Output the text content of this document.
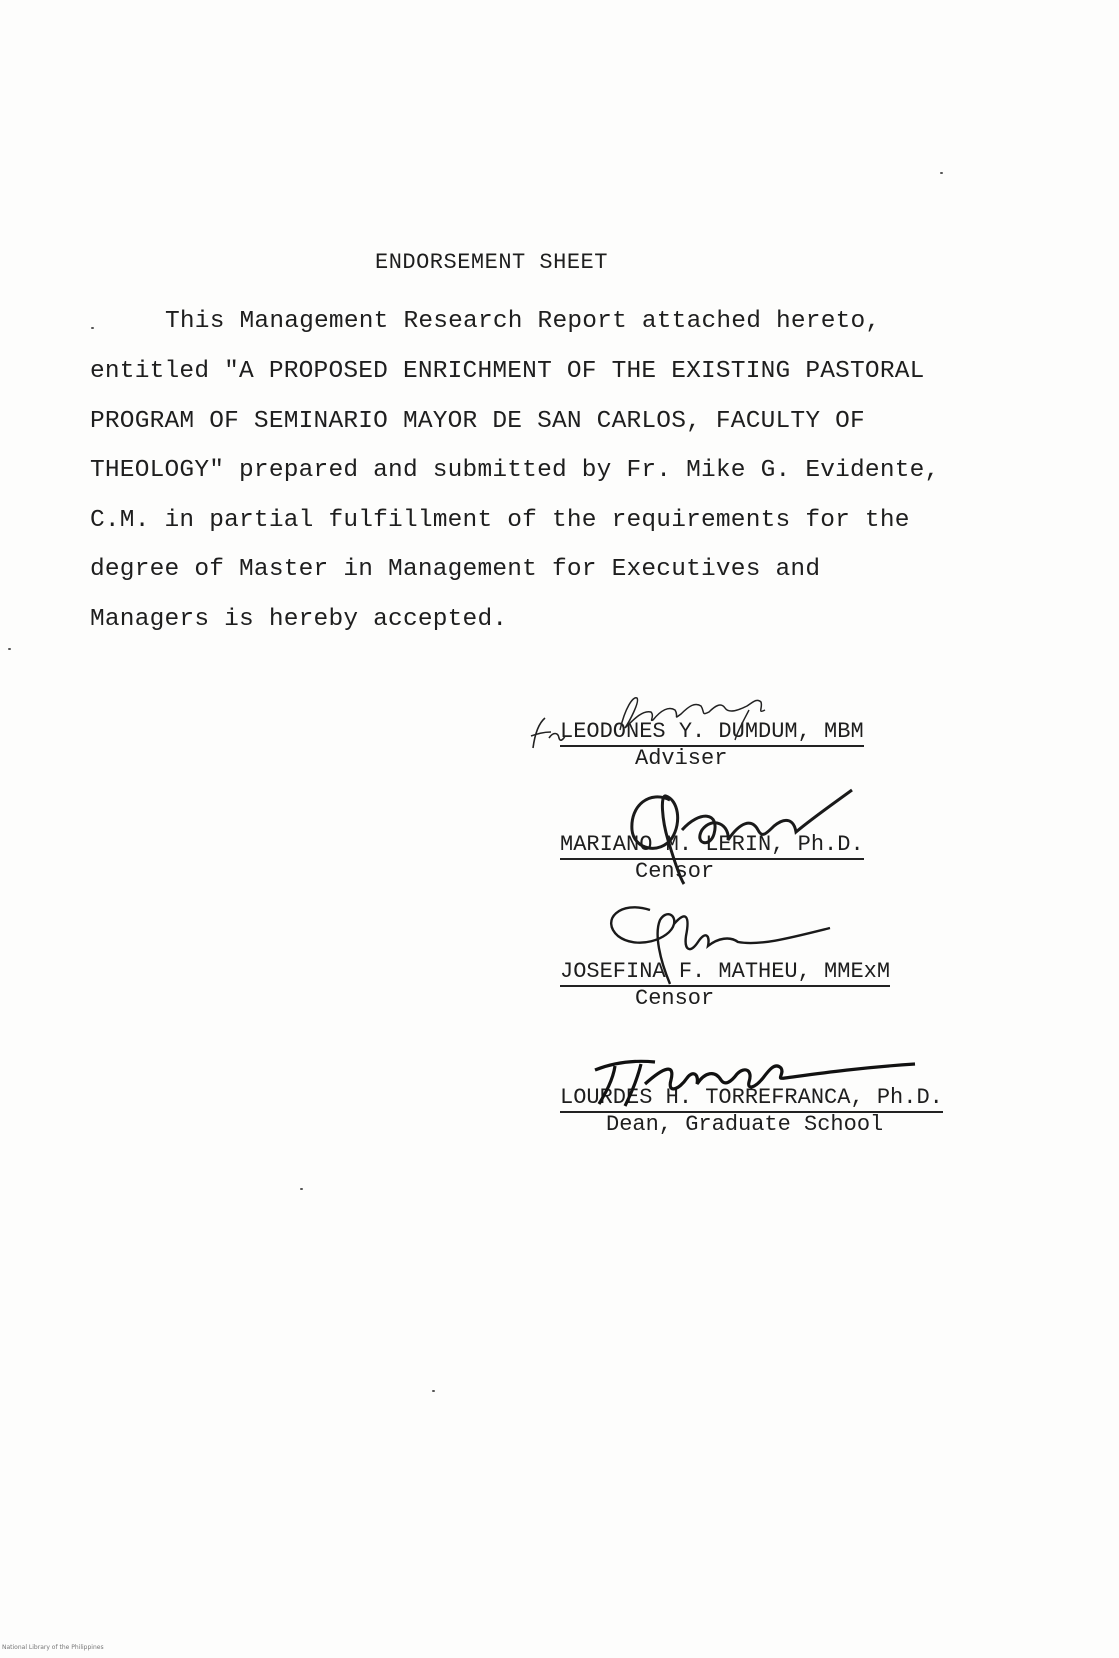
ENDORSEMENT SHEET
This Management Research Report attached hereto,
entitled "A PROPOSED ENRICHMENT OF THE EXISTING PASTORAL
PROGRAM OF SEMINARIO MAYOR DE SAN CARLOS, FACULTY OF
THEOLOGY" prepared and submitted by Fr. Mike G. Evidente,
C.M. in partial fulfillment of the requirements for the
degree of Master in Management for Executives and
Managers is hereby accepted.
LEODONES Y. DUMDUM, MBM
Adviser
MARIANO M. LERIN, Ph.D.
Censor
JOSEFINA F. MATHEU, MMExM
Censor
LOURDES H. TORREFRANCA, Ph.D.
Dean, Graduate School
National Library of the Philippines
